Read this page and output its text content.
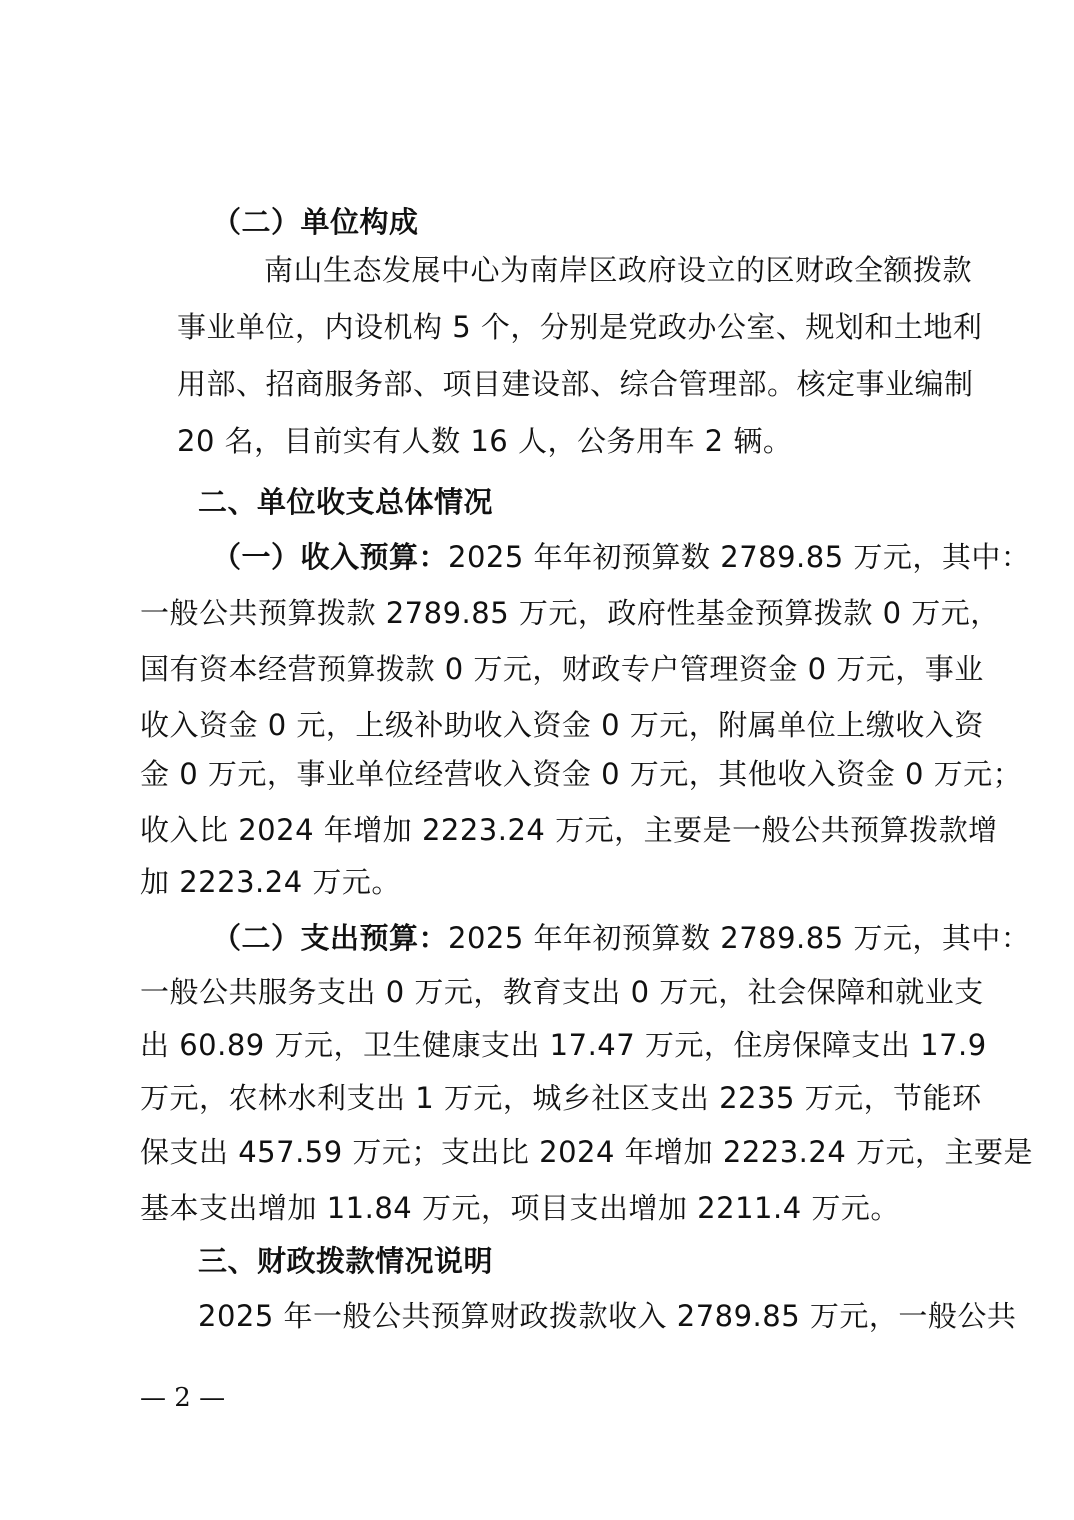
（二）单位构成
南山生态发展中心为南岸区政府设立的区财政全额拨款
事业单位，内设机构 5 个，分别是党政办公室、规划和土地利
用部、招商服务部、项目建设部、综合管理部。核定事业编制
20 名，目前实有人数 16 人，公务用车 2 辆。
二、单位收支总体情况
（一）收入预算：2025 年年初预算数 2789.85 万元，其中：
一般公共预算拨款 2789.85 万元，政府性基金预算拨款 0 万元，
国有资本经营预算拨款 0 万元，财政专户管理资金 0 万元，事业
收入资金 0 元，上级补助收入资金 0 万元，附属单位上缴收入资
金 0 万元，事业单位经营收入资金 0 万元，其他收入资金 0 万元；
收入比 2024 年增加 2223.24 万元，主要是一般公共预算拨款增
加 2223.24 万元。
（二）支出预算：2025 年年初预算数 2789.85 万元，其中：
一般公共服务支出 0 万元，教育支出 0 万元，社会保障和就业支
出 60.89 万元，卫生健康支出 17.47 万元，住房保障支出 17.9
万元，农林水利支出 1 万元，城乡社区支出 2235 万元，节能环
保支出 457.59 万元；支出比 2024 年增加 2223.24 万元，主要是
基本支出增加 11.84 万元，项目支出增加 2211.4 万元。
三、财政拨款情况说明
2025 年一般公共预算财政拨款收入 2789.85 万元，一般公共
— 2 —
